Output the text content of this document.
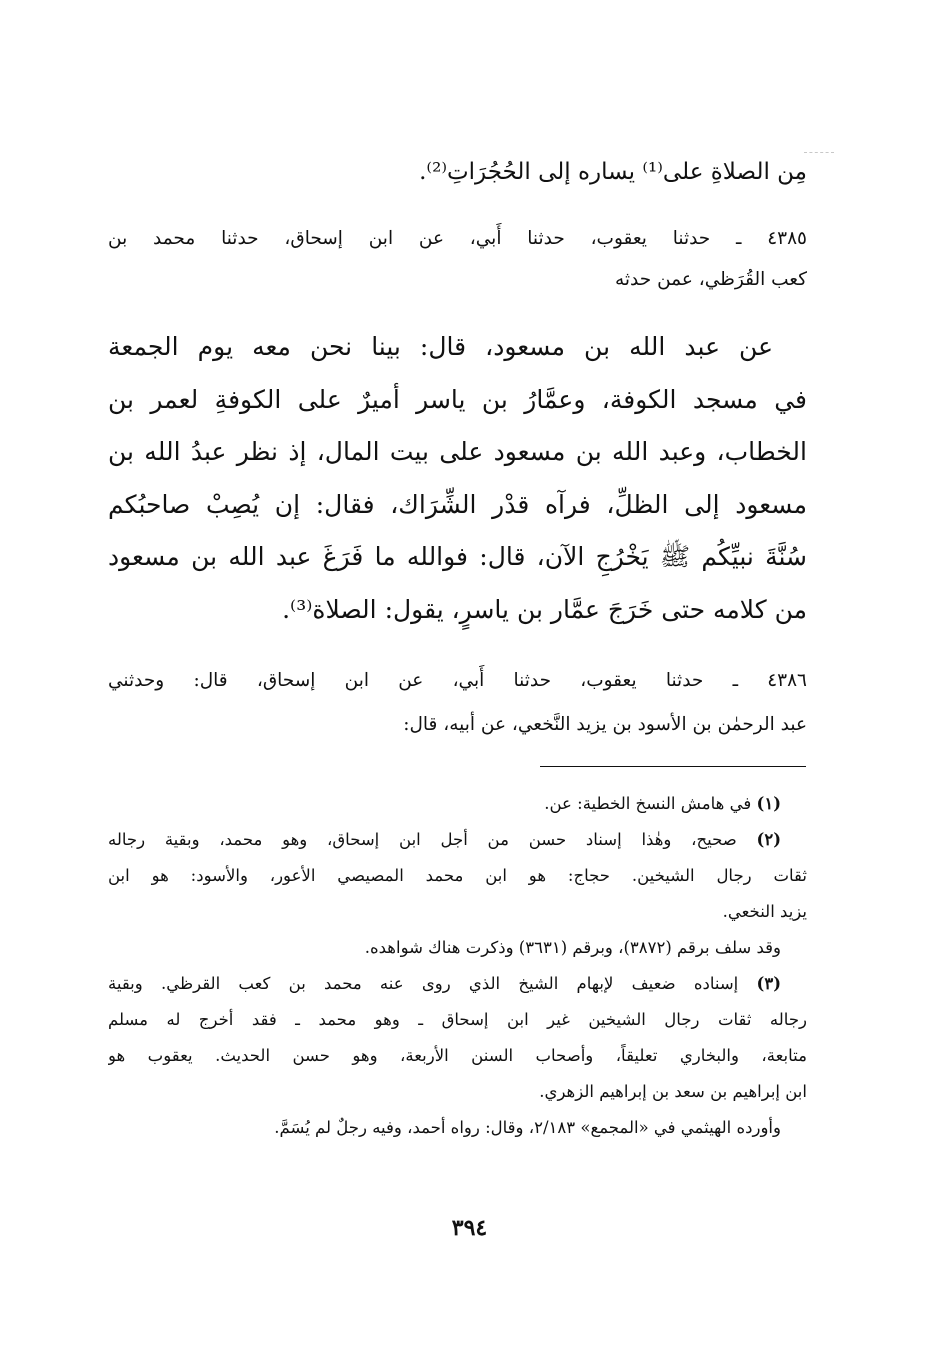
مِن الصلاةِ على⁽¹⁾ يساره إلى الحُجُرَاتِ⁽²⁾.
٤٣٨٥ ـ حدثنا يعقوب، حدثنا أَبي، عن ابن إسحاق، حدثنا محمد بن
كعب القُرَظي، عمن حدثه
عن عبد الله بن مسعود، قال: بينا نحن معه يوم الجمعة
في مسجد الكوفة، وعمَّارُ بن ياسر أميرٌ على الكوفةِ لعمر بن
الخطاب، وعبد الله بن مسعود على بيت المال، إذ نظر عبدُ الله بن
مسعود إلى الظلِّ، فرآه قدْر الشِّرَاك، فقال: إن يُصِبْ صاحبُكم
سُنَّةَ نبيِّكُم ﷺ يَخْرُجِ الآن، قال: فوالله ما فَرَغَ عبد الله بن مسعود
من كلامه حتى خَرَجَ عمَّار بن ياسرٍ، يقول: الصلاة⁽³⁾.
٤٣٨٦ ـ حدثنا يعقوب، حدثنا أَبي، عن ابن إسحاق، قال: وحدثني
عبد الرحمٰن بن الأسود بن يزيد النَّخعي، عن أبيه، قال:
(١) في هامش النسخ الخطية: عن.
(٢) صحيح، وهٰذا إسناد حسن من أجل ابن إسحاق، وهو محمد، وبقية رجاله
ثقات رجال الشيخين. حجاج: هو ابن محمد المصيصي الأعور، والأسود: هو ابن
يزيد النخعي.
وقد سلف برقم (٣٨٧٢)، وبرقم (٣٦٣١) وذكرت هناك شواهده.
(٣) إسناده ضعيف لإبهام الشيخ الذي روى عنه محمد بن كعب القرظي. وبقية
رجاله ثقات رجال الشيخين غير ابن إسحاق ـ وهو محمد ـ فقد أخرج له مسلم
متابعة، والبخاري تعليقاً، وأصحاب السنن الأربعة، وهو حسن الحديث. يعقوب هو
ابن إبراهيم بن سعد بن إبراهيم الزهري.
وأورده الهيثمي في «المجمع» ٢/١٨٣، وقال: رواه أحمد، وفيه رجلٌ لم يُسَمَّ.
٣٩٤
